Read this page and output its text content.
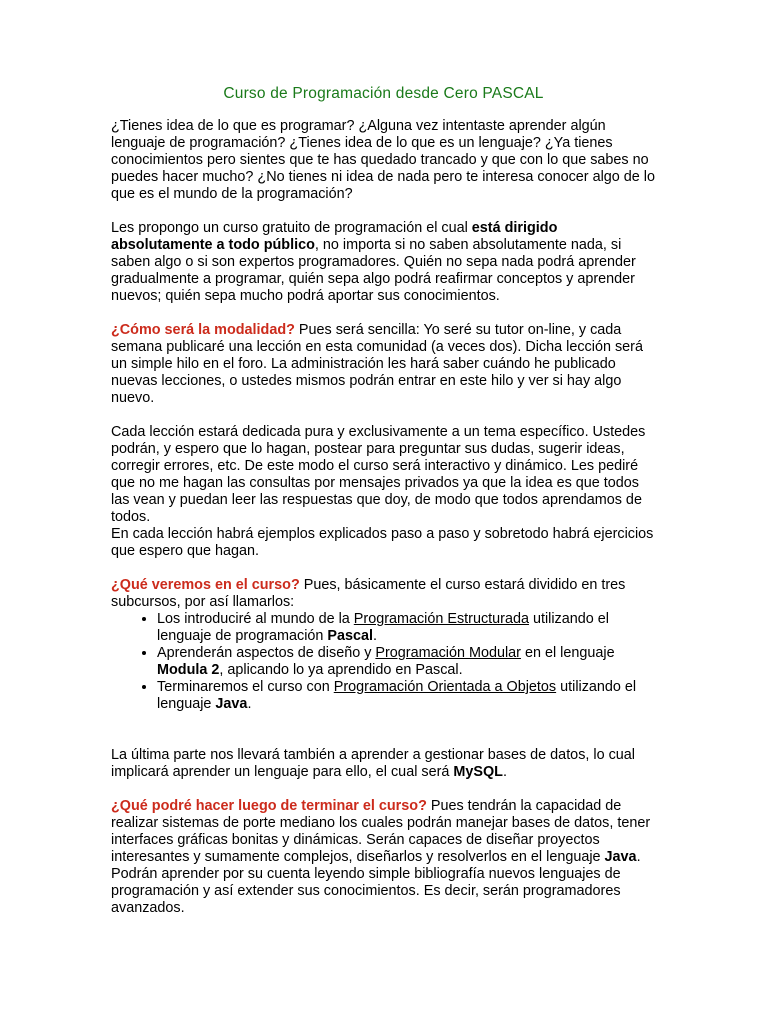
Curso de Programación desde Cero PASCAL

¿Tienes idea de lo que es programar? ¿Alguna vez intentaste aprender algún lenguaje de programación? ¿Tienes idea de lo que es un lenguaje? ¿Ya tienes conocimientos pero sientes que te has quedado trancado y que con lo que sabes no puedes hacer mucho? ¿No tienes ni idea de nada pero te interesa conocer algo de lo que es el mundo de la programación?

Les propongo un curso gratuito de programación el cual está dirigido absolutamente a todo público, no importa si no saben absolutamente nada, si saben algo o si son expertos programadores. Quién no sepa nada podrá aprender gradualmente a programar, quién sepa algo podrá reafirmar conceptos y aprender nuevos; quién sepa mucho podrá aportar sus conocimientos.

¿Cómo será la modalidad? Pues será sencilla: Yo seré su tutor on-line, y cada semana publicaré una lección en esta comunidad (a veces dos). Dicha lección será un simple hilo en el foro. La administración les hará saber cuándo he publicado nuevas lecciones, o ustedes mismos podrán entrar en este hilo y ver si hay algo nuevo.

Cada lección estará dedicada pura y exclusivamente a un tema específico. Ustedes podrán, y espero que lo hagan, postear para preguntar sus dudas, sugerir ideas, corregir errores, etc. De este modo el curso será interactivo y dinámico. Les pediré que no me hagan las consultas por mensajes privados ya que la idea es que todos las vean y puedan leer las respuestas que doy, de modo que todos aprendamos de todos.

En cada lección habrá ejemplos explicados paso a paso y sobretodo habrá ejercicios que espero que hagan.

¿Qué veremos en el curso? Pues, básicamente el curso estará dividido en tres subcursos, por así llamarlos:

• Los introduciré al mundo de la Programación Estructurada utilizando el lenguaje de programación Pascal.
• Aprenderán aspectos de diseño y Programación Modular en el lenguaje Modula 2, aplicando lo ya aprendido en Pascal.
• Terminaremos el curso con Programación Orientada a Objetos utilizando el lenguaje Java.

La última parte nos llevará también a aprender a gestionar bases de datos, lo cual implicará aprender un lenguaje para ello, el cual será MySQL.

¿Qué podré hacer luego de terminar el curso? Pues tendrán la capacidad de realizar sistemas de porte mediano los cuales podrán manejar bases de datos, tener interfaces gráficas bonitas y dinámicas. Serán capaces de diseñar proyectos interesantes y sumamente complejos, diseñarlos y resolverlos en el lenguaje Java. Podrán aprender por su cuenta leyendo simple bibliografía nuevos lenguajes de programación y así extender sus conocimientos. Es decir, serán programadores avanzados.
